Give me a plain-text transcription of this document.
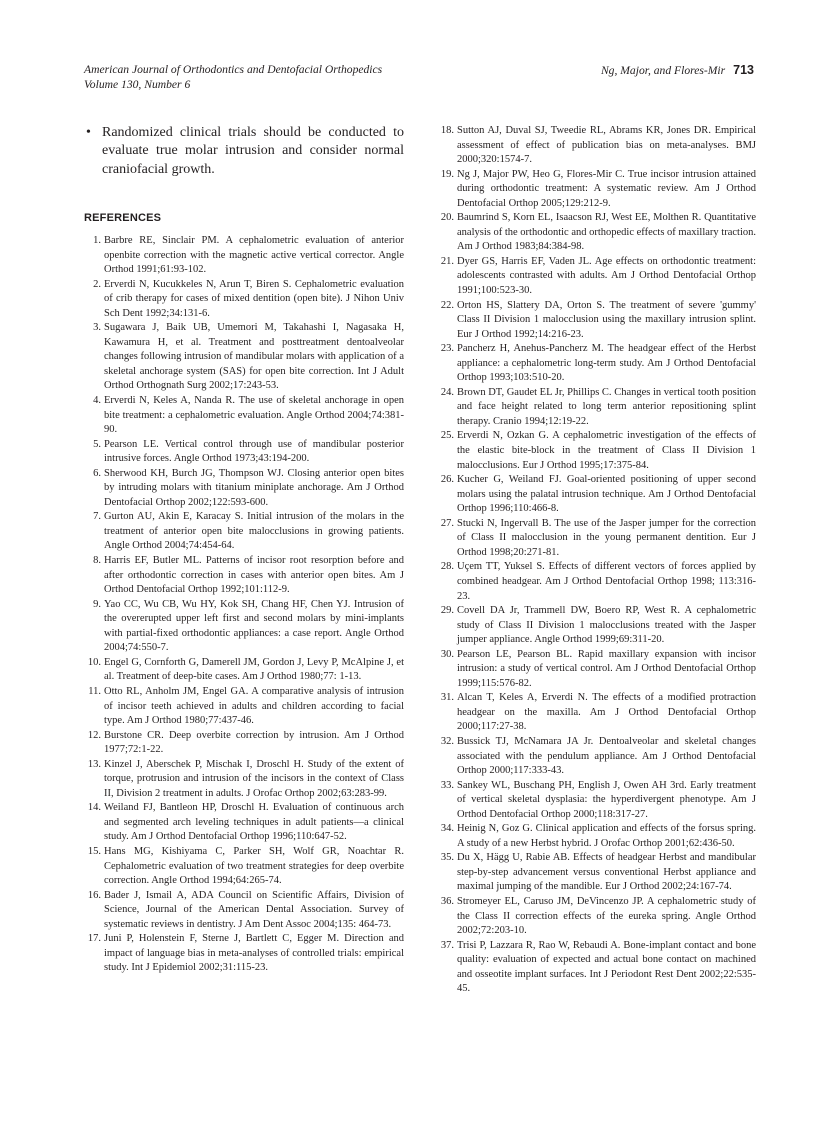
American Journal of Orthodontics and Dentofacial Orthopedics
Volume 130, Number 6
Ng, Major, and Flores-Mir 713
• Randomized clinical trials should be conducted to evaluate true molar intrusion and consider normal craniofacial growth.
REFERENCES
1. Barbre RE, Sinclair PM. A cephalometric evaluation of anterior openbite correction with the magnetic active vertical corrector. Angle Orthod 1991;61:93-102.
2. Erverdi N, Kucukkeles N, Arun T, Biren S. Cephalometric evaluation of crib therapy for cases of mixed dentition (open bite). J Nihon Univ Sch Dent 1992;34:131-6.
3. Sugawara J, Baik UB, Umemori M, Takahashi I, Nagasaka H, Kawamura H, et al. Treatment and posttreatment dentoalveolar changes following intrusion of mandibular molars with application of a skeletal anchorage system (SAS) for open bite correction. Int J Adult Orthod Orthognath Surg 2002;17:243-53.
4. Erverdi N, Keles A, Nanda R. The use of skeletal anchorage in open bite treatment: a cephalometric evaluation. Angle Orthod 2004;74:381-90.
5. Pearson LE. Vertical control through use of mandibular posterior intrusive forces. Angle Orthod 1973;43:194-200.
6. Sherwood KH, Burch JG, Thompson WJ. Closing anterior open bites by intruding molars with titanium miniplate anchorage. Am J Orthod Dentofacial Orthop 2002;122:593-600.
7. Gurton AU, Akin E, Karacay S. Initial intrusion of the molars in the treatment of anterior open bite malocclusions in growing patients. Angle Orthod 2004;74:454-64.
8. Harris EF, Butler ML. Patterns of incisor root resorption before and after orthodontic correction in cases with anterior open bites. Am J Orthod Dentofacial Orthop 1992;101:112-9.
9. Yao CC, Wu CB, Wu HY, Kok SH, Chang HF, Chen YJ. Intrusion of the overerupted upper left first and second molars by mini-implants with partial-fixed orthodontic appliances: a case report. Angle Orthod 2004;74:550-7.
10. Engel G, Cornforth G, Damerell JM, Gordon J, Levy P, McAlpine J, et al. Treatment of deep-bite cases. Am J Orthod 1980;77: 1-13.
11. Otto RL, Anholm JM, Engel GA. A comparative analysis of intrusion of incisor teeth achieved in adults and children according to facial type. Am J Orthod 1980;77:437-46.
12. Burstone CR. Deep overbite correction by intrusion. Am J Orthod 1977;72:1-22.
13. Kinzel J, Aberschek P, Mischak I, Droschl H. Study of the extent of torque, protrusion and intrusion of the incisors in the context of Class II, Division 2 treatment in adults. J Orofac Orthop 2002;63:283-99.
14. Weiland FJ, Bantleon HP, Droschl H. Evaluation of continuous arch and segmented arch leveling techniques in adult patients—a clinical study. Am J Orthod Dentofacial Orthop 1996;110:647-52.
15. Hans MG, Kishiyama C, Parker SH, Wolf GR, Noachtar R. Cephalometric evaluation of two treatment strategies for deep overbite correction. Angle Orthod 1994;64:265-74.
16. Bader J, Ismail A, ADA Council on Scientific Affairs, Division of Science, Journal of the American Dental Association. Survey of systematic reviews in dentistry. J Am Dent Assoc 2004;135: 464-73.
17. Juni P, Holenstein F, Sterne J, Bartlett C, Egger M. Direction and impact of language bias in meta-analyses of controlled trials: empirical study. Int J Epidemiol 2002;31:115-23.
18. Sutton AJ, Duval SJ, Tweedie RL, Abrams KR, Jones DR. Empirical assessment of effect of publication bias on meta-analyses. BMJ 2000;320:1574-7.
19. Ng J, Major PW, Heo G, Flores-Mir C. True incisor intrusion attained during orthodontic treatment: A systematic review. Am J Orthod Dentofacial Orthop 2005;129:212-9.
20. Baumrind S, Korn EL, Isaacson RJ, West EE, Molthen R. Quantitative analysis of the orthodontic and orthopedic effects of maxillary traction. Am J Orthod 1983;84:384-98.
21. Dyer GS, Harris EF, Vaden JL. Age effects on orthodontic treatment: adolescents contrasted with adults. Am J Orthod Dentofacial Orthop 1991;100:523-30.
22. Orton HS, Slattery DA, Orton S. The treatment of severe 'gummy' Class II Division 1 malocclusion using the maxillary intrusion splint. Eur J Orthod 1992;14:216-23.
23. Pancherz H, Anehus-Pancherz M. The headgear effect of the Herbst appliance: a cephalometric long-term study. Am J Orthod Dentofacial Orthop 1993;103:510-20.
24. Brown DT, Gaudet EL Jr, Phillips C. Changes in vertical tooth position and face height related to long term anterior repositioning splint therapy. Cranio 1994;12:19-22.
25. Erverdi N, Ozkan G. A cephalometric investigation of the effects of the elastic bite-block in the treatment of Class II Division 1 malocclusions. Eur J Orthod 1995;17:375-84.
26. Kucher G, Weiland FJ. Goal-oriented positioning of upper second molars using the palatal intrusion technique. Am J Orthod Dentofacial Orthop 1996;110:466-8.
27. Stucki N, Ingervall B. The use of the Jasper jumper for the correction of Class II malocclusion in the young permanent dentition. Eur J Orthod 1998;20:271-81.
28. Uçem TT, Yuksel S. Effects of different vectors of forces applied by combined headgear. Am J Orthod Dentofacial Orthop 1998; 113:316-23.
29. Covell DA Jr, Trammell DW, Boero RP, West R. A cephalometric study of Class II Division 1 malocclusions treated with the Jasper jumper appliance. Angle Orthod 1999;69:311-20.
30. Pearson LE, Pearson BL. Rapid maxillary expansion with incisor intrusion: a study of vertical control. Am J Orthod Dentofacial Orthop 1999;115:576-82.
31. Alcan T, Keles A, Erverdi N. The effects of a modified protraction headgear on the maxilla. Am J Orthod Dentofacial Orthop 2000;117:27-38.
32. Bussick TJ, McNamara JA Jr. Dentoalveolar and skeletal changes associated with the pendulum appliance. Am J Orthod Dentofacial Orthop 2000;117:333-43.
33. Sankey WL, Buschang PH, English J, Owen AH 3rd. Early treatment of vertical skeletal dysplasia: the hyperdivergent phenotype. Am J Orthod Dentofacial Orthop 2000;118:317-27.
34. Heinig N, Goz G. Clinical application and effects of the forsus spring. A study of a new Herbst hybrid. J Orofac Orthop 2001;62:436-50.
35. Du X, Hägg U, Rabie AB. Effects of headgear Herbst and mandibular step-by-step advancement versus conventional Herbst appliance and maximal jumping of the mandible. Eur J Orthod 2002;24:167-74.
36. Stromeyer EL, Caruso JM, DeVincenzo JP. A cephalometric study of the Class II correction effects of the eureka spring. Angle Orthod 2002;72:203-10.
37. Trisi P, Lazzara R, Rao W, Rebaudi A. Bone-implant contact and bone quality: evaluation of expected and actual bone contact on machined and osseotite implant surfaces. Int J Periodont Rest Dent 2002;22:535-45.
